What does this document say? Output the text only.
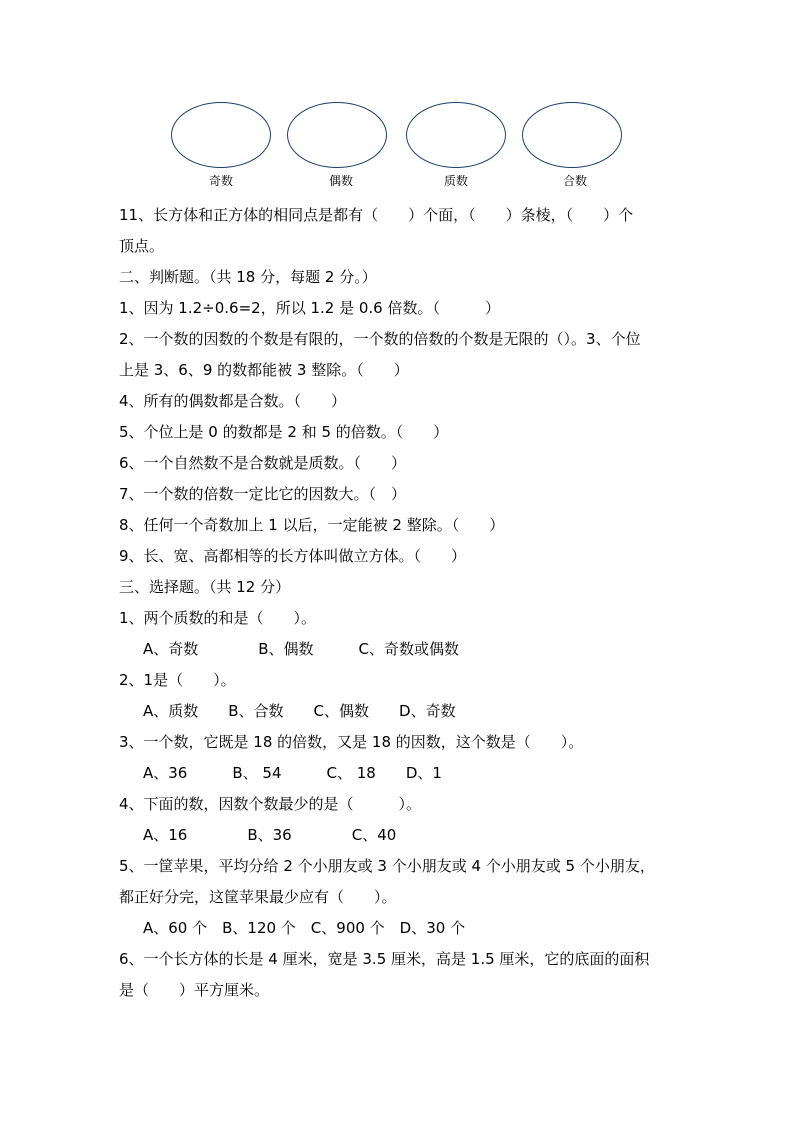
奇数	偶数	质数	合数
11、长方体和正方体的相同点是都有（　　）个面，（　　）条棱，（　　）个
顶点。
二、判断题。（共 18 分，每题 2 分。）
1、因为 1.2÷0.6=2，所以 1.2 是 0.6 倍数。（　　　）
2、一个数的因数的个数是有限的，一个数的倍数的个数是无限的（）。3、个位
上是 3、6、9 的数都能被 3 整除。（　　）
4、所有的偶数都是合数。（　　）
5、个位上是 0 的数都是 2 和 5 的倍数。（　　）
6、一个自然数不是合数就是质数。（　　）
7、一个数的倍数一定比它的因数大。（　）
8、任何一个奇数加上 1 以后，一定能被 2 整除。（　　）
9、长、宽、高都相等的长方体叫做立方体。（　　）
三、选择题。（共 12 分）
1、两个质数的和是（　　）。
A、奇数　　　　B、偶数　　　C、奇数或偶数
2、1是（　　）。
A、质数　　B、合数　　C、偶数　　D、奇数
3、一个数，它既是 18 的倍数，又是 18 的因数，这个数是（　　）。
A、36　　　B、 54　　　C、 18　　D、1
4、下面的数，因数个数最少的是（　　　）。
A、16　　　　B、36　　　　C、40
5、一筐苹果，平均分给 2 个小朋友或 3 个小朋友或 4 个小朋友或 5 个小朋友，
都正好分完，这筐苹果最少应有（　　）。
A、60 个　B、120 个　C、900 个　D、30 个
6、一个长方体的长是 4 厘米，宽是 3.5 厘米，高是 1.5 厘米，它的底面的面积
是（　　）平方厘米。
